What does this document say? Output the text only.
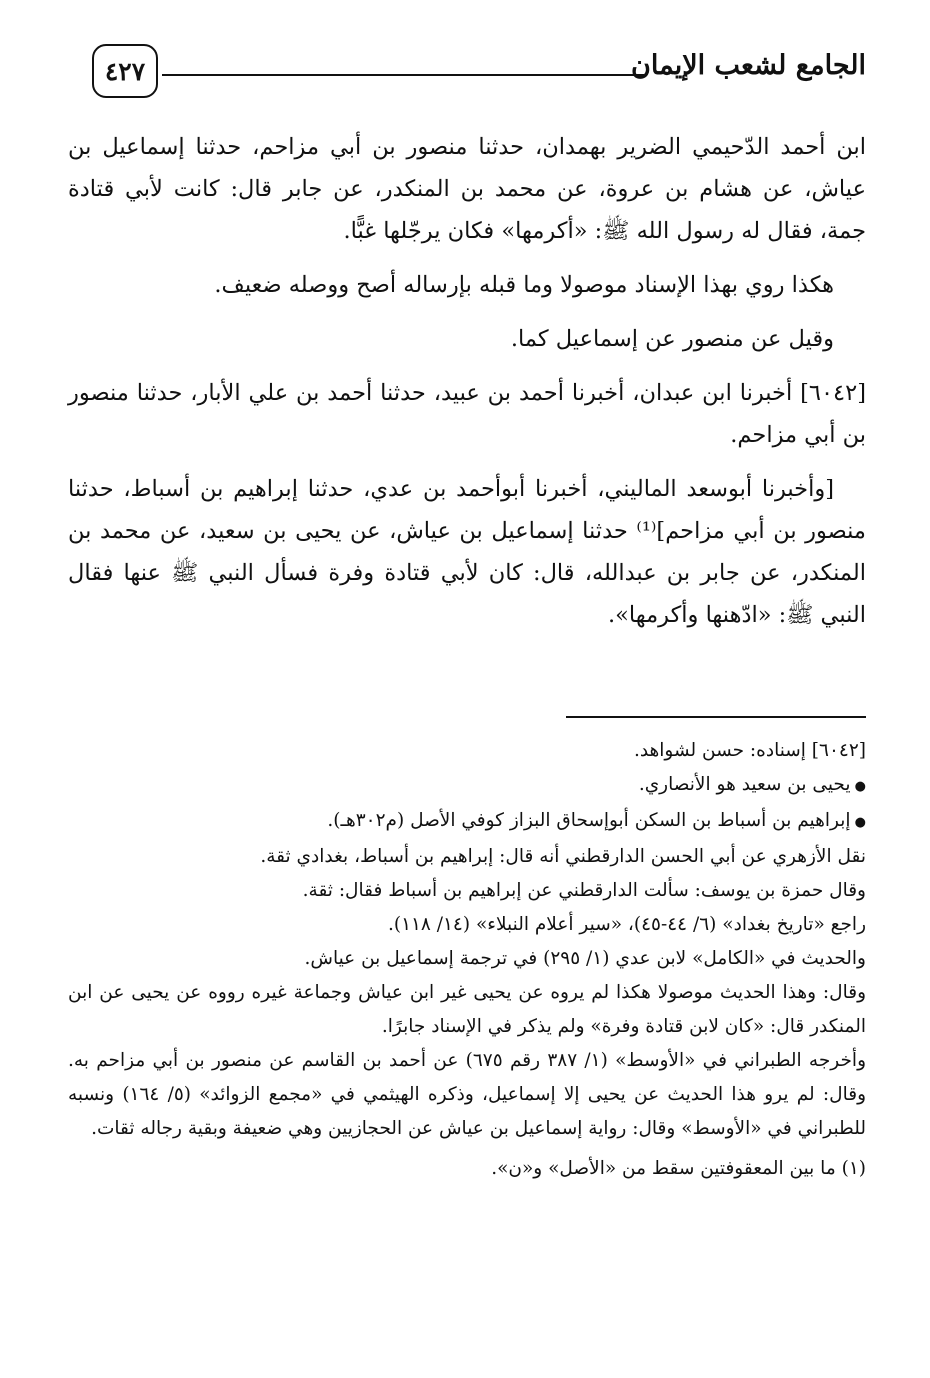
الجامع لشعب الإيمان
٤٢٧

ابن أحمد الدّحيمي الضرير بهمدان، حدثنا منصور بن أبي مزاحم، حدثنا إسماعيل بن عياش، عن هشام بن عروة، عن محمد بن المنكدر، عن جابر قال: كانت لأبي قتادة جمة، فقال له رسول الله ﷺ: «أكرمها» فكان يرجّلها غبًّا.

هكذا روي بهذا الإسناد موصولا وما قبله بإرساله أصح ووصله ضعيف.

وقيل عن منصور عن إسماعيل كما.

[٦٠٤٢] أخبرنا ابن عبدان، أخبرنا أحمد بن عبيد، حدثنا أحمد بن علي الأبار، حدثنا منصور بن أبي مزاحم.

[وأخبرنا أبوسعد الماليني، أخبرنا أبوأحمد بن عدي، حدثنا إبراهيم بن أسباط، حدثنا منصور بن أبي مزاحم]⁽¹⁾ حدثنا إسماعيل بن عياش، عن يحيى بن سعيد، عن محمد بن المنكدر، عن جابر بن عبدالله، قال: كان لأبي قتادة وفرة فسأل النبي ﷺ عنها فقال النبي ﷺ: «ادّهنها وأكرمها».

[٦٠٤٢] إسناده: حسن لشواهد.

● يحيى بن سعيد هو الأنصاري.

● إبراهيم بن أسباط بن السكن أبوإسحاق البزاز كوفي الأصل (م٣٠٢هـ).

نقل الأزهري عن أبي الحسن الدارقطني أنه قال: إبراهيم بن أسباط، بغدادي ثقة.

وقال حمزة بن يوسف: سألت الدارقطني عن إبراهيم بن أسباط فقال: ثقة.

راجع «تاريخ بغداد» (٦/ ٤٤-٤٥)، «سير أعلام النبلاء» (١٤/ ١١٨).

والحديث في «الكامل» لابن عدي (١/ ٢٩٥) في ترجمة إسماعيل بن عياش.

وقال: وهذا الحديث موصولا هكذا لم يروه عن يحيى غير ابن عياش وجماعة غيره رووه عن يحيى عن ابن المنكدر قال: «كان لابن قتادة وفرة» ولم يذكر في الإسناد جابرًا.

وأخرجه الطبراني في «الأوسط» (١/ ٣٨٧ رقم ٦٧٥) عن أحمد بن القاسم عن منصور بن أبي مزاحم به. وقال: لم يرو هذا الحديث عن يحيى إلا إسماعيل، وذكره الهيثمي في «مجمع الزوائد» (٥/ ١٦٤) ونسبه للطبراني في «الأوسط» وقال: رواية إسماعيل بن عياش عن الحجازيين وهي ضعيفة وبقية رجاله ثقات.

(١) ما بين المعقوفتين سقط من «الأصل» و«ن».
